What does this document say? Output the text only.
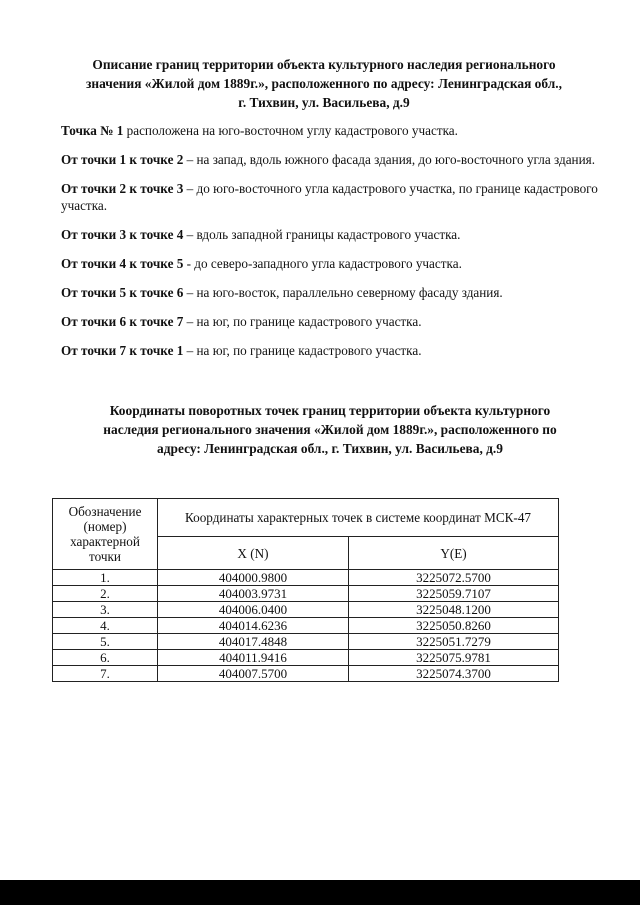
Описание границ территории объекта культурного наследия регионального
значения «Жилой дом 1889г.», расположенного по адресу: Ленинградская обл.,
г. Тихвин, ул. Васильева, д.9

Точка № 1 расположена на юго-восточном углу кадастрового участка.

От точки 1 к точке 2 – на запад, вдоль южного фасада здания, до юго-восточного угла здания.

От точки 2 к точке 3 – до юго-восточного угла кадастрового участка, по границе кадастрового участка.

От точки 3 к точке 4 – вдоль западной границы кадастрового участка.

От точки 4 к точке 5 - до северо-западного угла кадастрового участка.

От точки 5 к точке 6 – на юго-восток, параллельно северному фасаду здания.

От точки 6 к точке 7 – на юг, по границе кадастрового участка.

От точки 7 к точке 1 – на юг, по границе кадастрового участка.

Координаты поворотных точек границ территории объекта культурного
наследия регионального значения «Жилой дом 1889г.», расположенного по
адресу: Ленинградская обл., г. Тихвин, ул. Васильева, д.9
Обозначение (номер) характерной точки	Координаты характерных точек в системе координат МСК-47	
	X (N)	Y(E)
1.	404000.9800	3225072.5700
2.	404003.9731	3225059.7107
3.	404006.0400	3225048.1200
4.	404014.6236	3225050.8260
5.	404017.4848	3225051.7279
6.	404011.9416	3225075.9781
7.	404007.5700	3225074.3700
